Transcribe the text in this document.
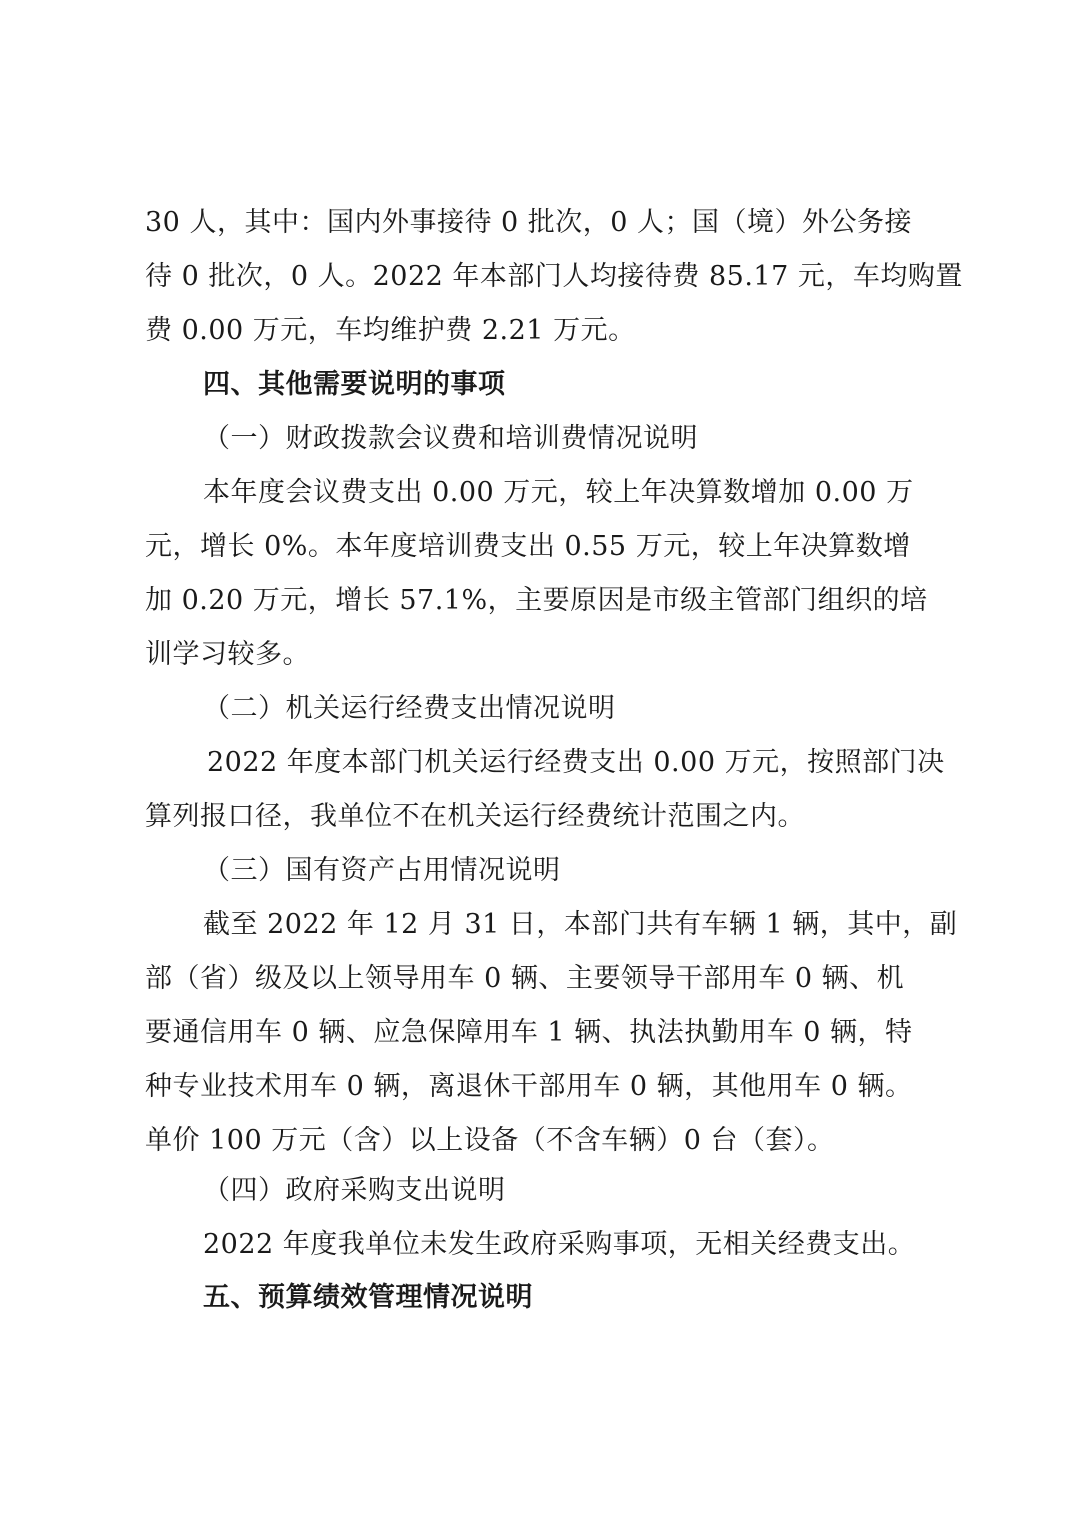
30 人，其中：国内外事接待 0 批次，0 人；国（境）外公务接
待 0 批次，0 人。2022 年本部门人均接待费 85.17 元，车均购置
费 0.00 万元，车均维护费 2.21 万元。
四、其他需要说明的事项
（一）财政拨款会议费和培训费情况说明
本年度会议费支出 0.00 万元，较上年决算数增加 0.00 万
元，增长 0%。本年度培训费支出 0.55 万元，较上年决算数增
加 0.20 万元，增长 57.1%，主要原因是市级主管部门组织的培
训学习较多。
（二）机关运行经费支出情况说明
2022 年度本部门机关运行经费支出 0.00 万元，按照部门决
算列报口径，我单位不在机关运行经费统计范围之内。
（三）国有资产占用情况说明
截至 2022 年 12 月 31 日，本部门共有车辆 1 辆，其中，副
部（省）级及以上领导用车 0 辆、主要领导干部用车 0 辆、机
要通信用车 0 辆、应急保障用车 1 辆、执法执勤用车 0 辆，特
种专业技术用车 0 辆，离退休干部用车 0 辆，其他用车 0 辆。
单价 100 万元（含）以上设备（不含车辆）0 台（套）。
（四）政府采购支出说明
2022 年度我单位未发生政府采购事项，无相关经费支出。
五、预算绩效管理情况说明
